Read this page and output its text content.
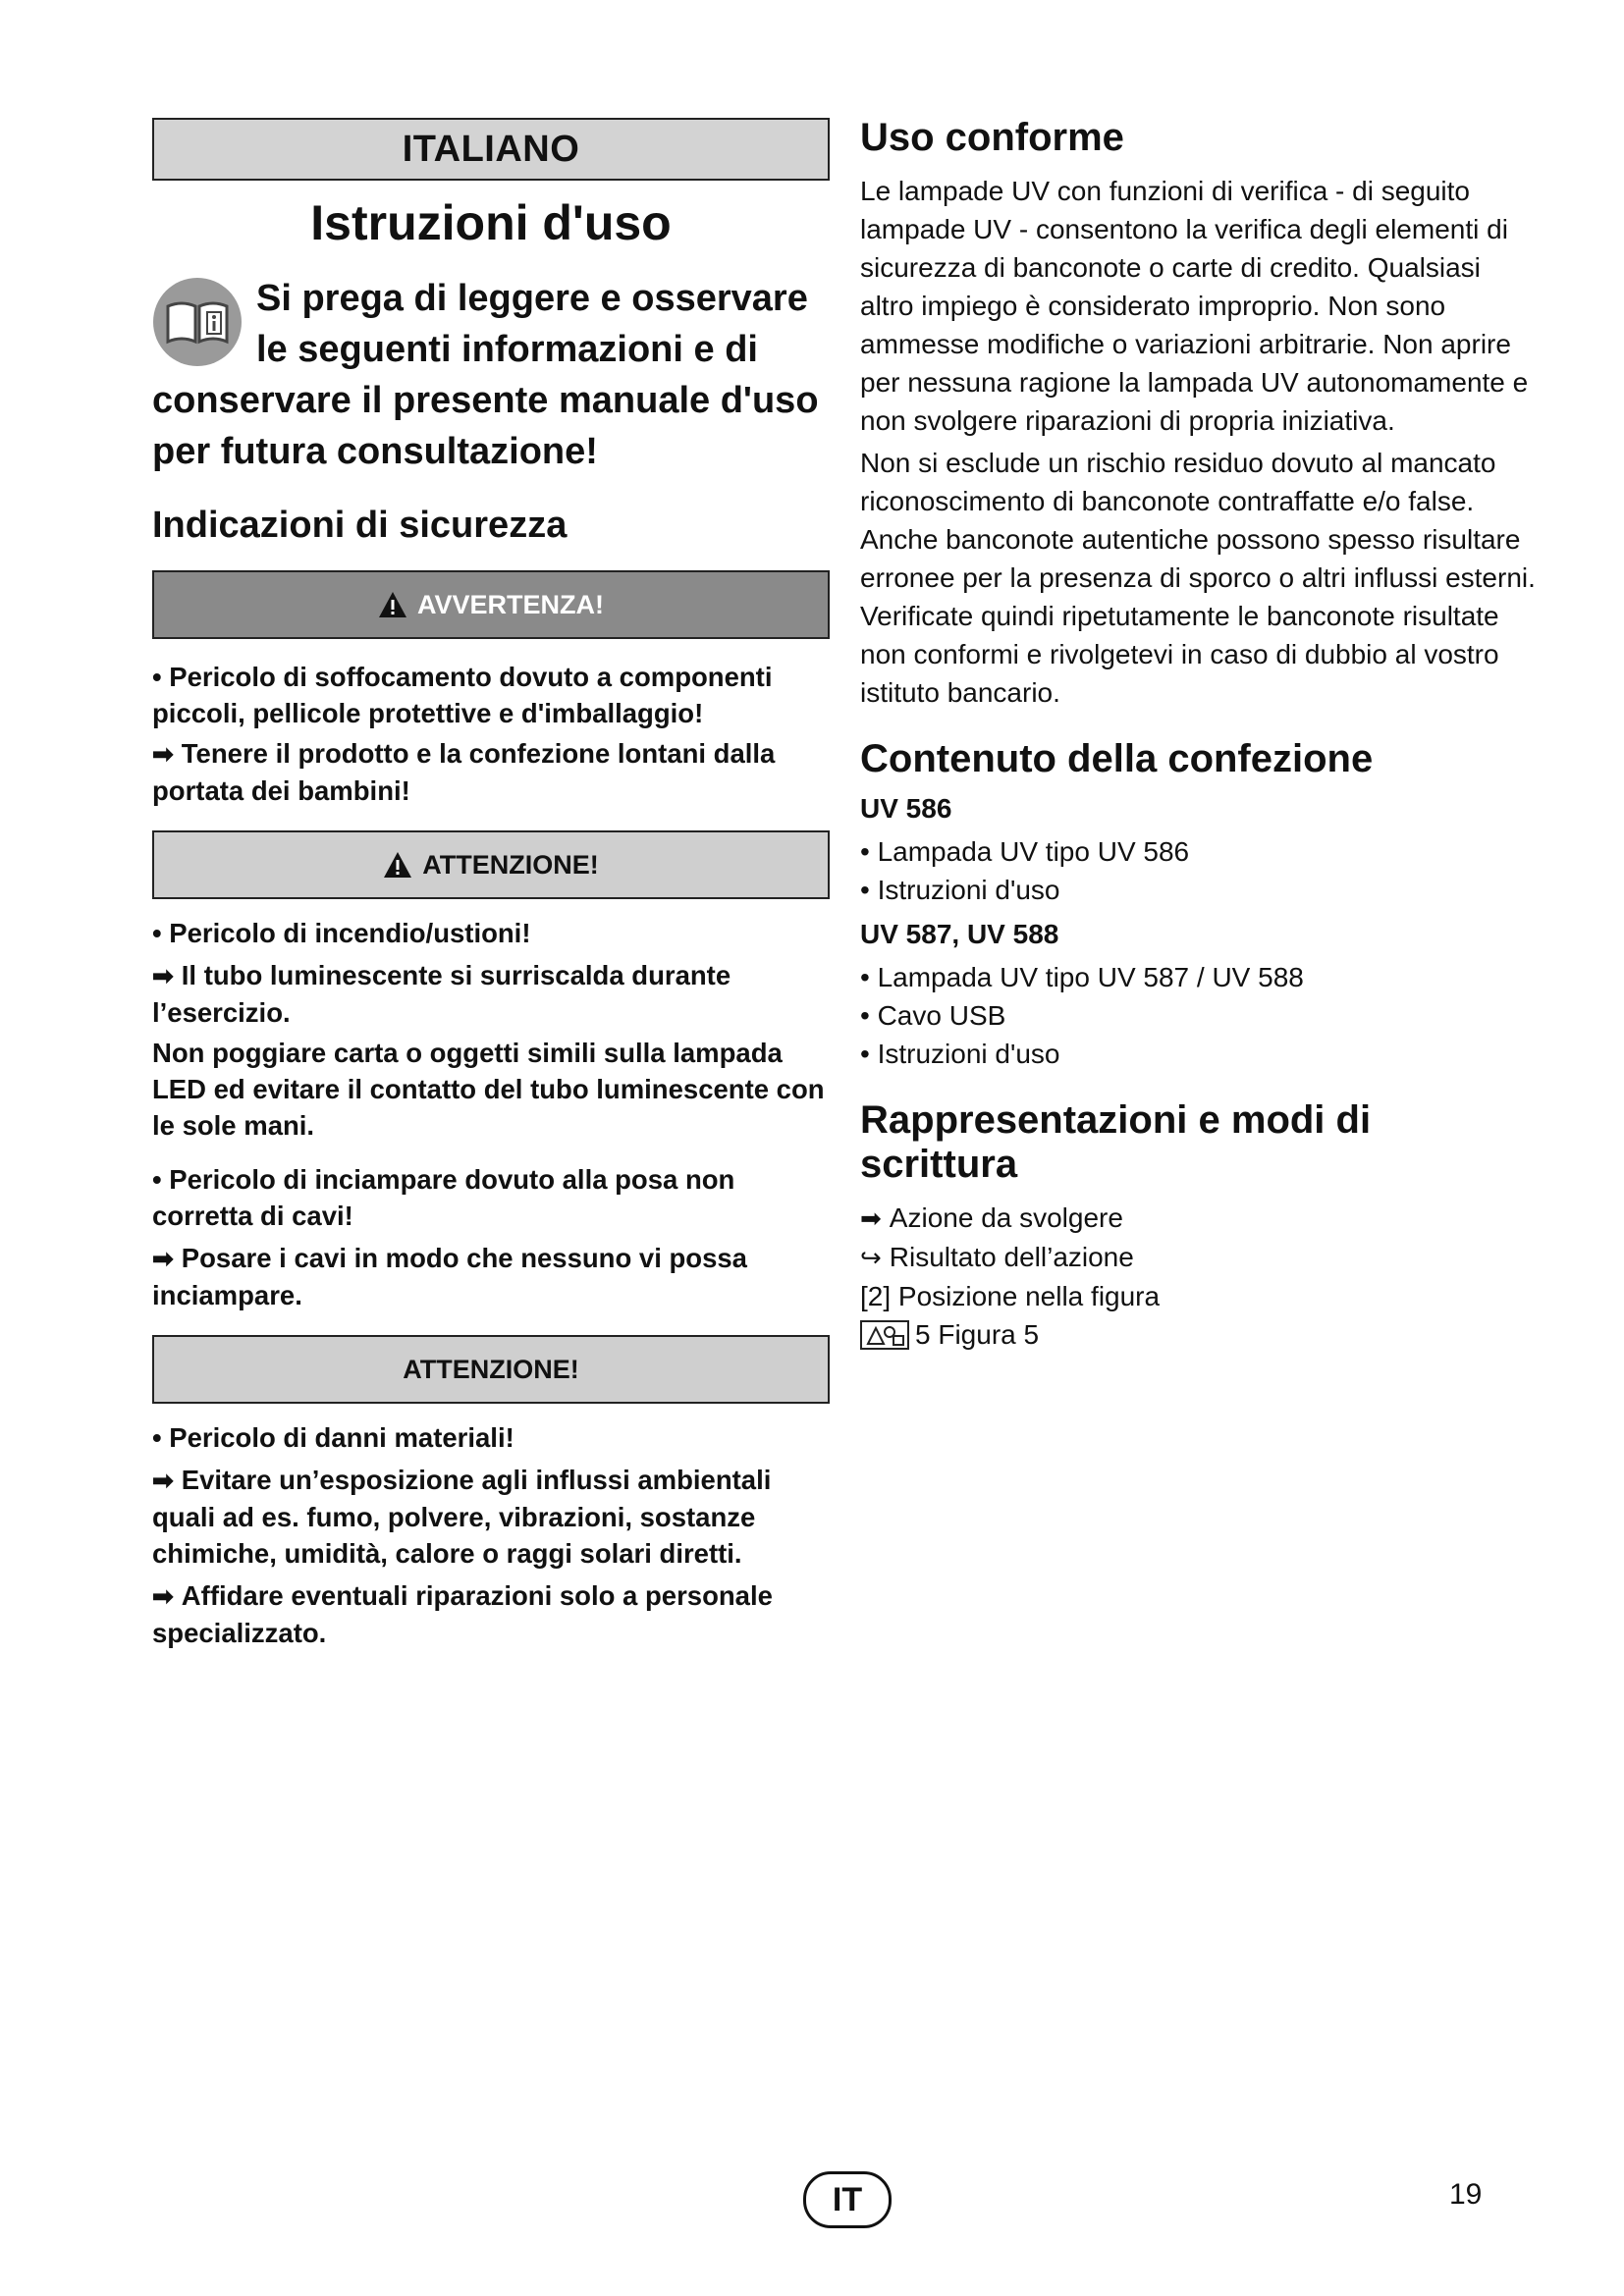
ITALIANO
Istruzioni d'uso
Si prega di leggere e osservare le seguenti informazioni e di conservare il presente manuale d'uso per futura consultazione!
Indicazioni di sicurezza
AVVERTENZA!

• Pericolo di soffocamento dovuto a componenti piccoli, pellicole protettive e d'imballaggio!

➡ Tenere il prodotto e la confezione lontani dalla portata dei bambini!

ATTENZIONE!

• Pericolo di incendio/ustioni!

➡ Il tubo luminescente si surriscalda durante l’esercizio.

Non poggiare carta o oggetti simili sulla lampada LED ed evitare il contatto del tubo luminescente con le sole mani.

• Pericolo di inciampare dovuto alla posa non corretta di cavi!

➡ Posare i cavi in modo che nessuno vi possa inciampare.

ATTENZIONE!

• Pericolo di danni materiali!

➡ Evitare un’esposizione agli influssi ambientali quali ad es. fumo, polvere, vibrazioni, sostanze chimiche, umidità, calore o raggi solari diretti.

➡ Affidare eventuali riparazioni solo a personale specializzato.

Uso conforme

Le lampade UV con funzioni di verifica - di seguito lampade UV - consentono la verifica degli elementi di sicurezza di banconote o carte di credito. Qualsiasi altro impiego è considerato improprio. Non sono ammesse modifiche o variazioni arbitrarie. Non aprire per nessuna ragione la lampada UV autonomamente e non svolgere riparazioni di propria iniziativa.

Non si esclude un rischio residuo dovuto al mancato riconoscimento di banconote contraffatte e/o false. Anche banconote autentiche possono spesso risultare erronee per la presenza di sporco o altri influssi esterni. Verificate quindi ripetutamente le banconote risultate non conformi e rivolgetevi in caso di dubbio al vostro istituto bancario.

Contenuto della confezione
UV 586

• Lampada UV tipo UV 586

• Istruzioni d'uso

UV 587, UV 588

• Lampada UV tipo UV 587 / UV 588

• Cavo USB

• Istruzioni d'uso

Rappresentazioni e modi di scrittura

➡ Azione da svolgere

↪ Risultato dell’azione

[2] Posizione nella figura

5 Figura 5

IT	19
